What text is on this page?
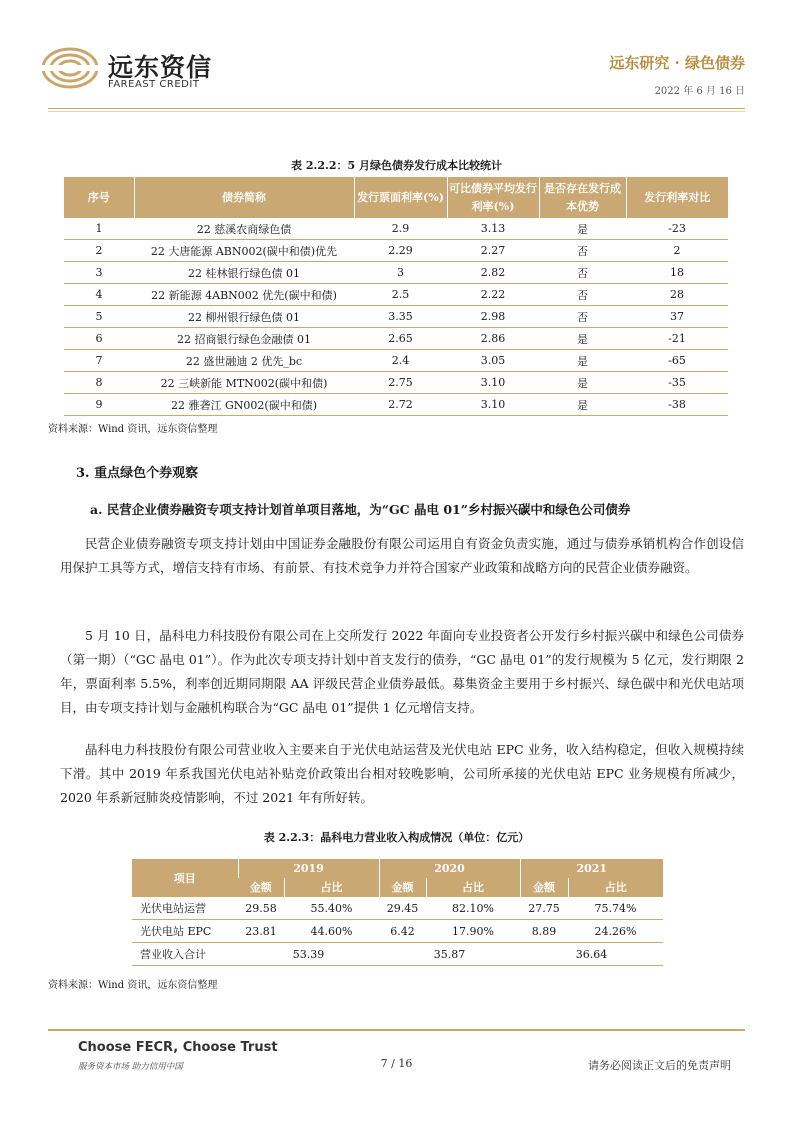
远东资信
FAREAST CREDIT
远东研究 · 绿色债券
2022 年 6 月 16 日
表 2.2.2：5 月绿色债券发行成本比较统计
序号	债券简称	发行票面利率(%)	可比债券平均发行利率(%)	是否存在发行成本优势	发行利率对比
1	22 慈溪农商绿色债	2.9	3.13	是	-23
2	22 大唐能源 ABN002(碳中和债)优先	2.29	2.27	否	2
3	22 桂林银行绿色债 01	3	2.82	否	18
4	22 新能源 4ABN002 优先(碳中和债)	2.5	2.22	否	28
5	22 柳州银行绿色债 01	3.35	2.98	否	37
6	22 招商银行绿色金融债 01	2.65	2.86	是	-21
7	22 盛世融迪 2 优先_bc	2.4	3.05	是	-65
8	22 三峡新能 MTN002(碳中和债)	2.75	3.10	是	-35
9	22 雅砻江 GN002(碳中和债)	2.72	3.10	是	-38
资料来源：Wind 资讯，远东资信整理
3. 重点绿色个券观察
a. 民营企业债券融资专项支持计划首单项目落地，为“GC 晶电 01”乡村振兴碳中和绿色公司债券
民营企业债券融资专项支持计划由中国证券金融股份有限公司运用自有资金负责实施，通过与债券承销机构合作创设信用保护工具等方式，增信支持有市场、有前景、有技术竞争力并符合国家产业政策和战略方向的民营企业债券融资。
5 月 10 日，晶科电力科技股份有限公司在上交所发行 2022 年面向专业投资者公开发行乡村振兴碳中和绿色公司债券（第一期）（“GC 晶电 01”）。作为此次专项支持计划中首支发行的债券，“GC 晶电 01”的发行规模为 5 亿元，发行期限 2 年，票面利率 5.5%，利率创近期同期限 AA 评级民营企业债券最低。募集资金主要用于乡村振兴、绿色碳中和光伏电站项目，由专项支持计划与金融机构联合为“GC 晶电 01”提供 1 亿元增信支持。
晶科电力科技股份有限公司营业收入主要来自于光伏电站运营及光伏电站 EPC 业务，收入结构稳定，但收入规模持续下滑。其中 2019 年系我国光伏电站补贴竞价政策出台相对较晚影响，公司所承接的光伏电站 EPC 业务规模有所减少，2020 年系新冠肺炎疫情影响，不过 2021 年有所好转。
表 2.2.3：晶科电力营业收入构成情况（单位：亿元）
项目	2019		2020		2021	
	金额	占比	金额	占比	金额	占比
光伏电站运营	29.58	55.40%	29.45	82.10%	27.75	75.74%
光伏电站 EPC	23.81	44.60%	6.42	17.90%	8.89	24.26%
营业收入合计	53.39		35.87		36.64	
资料来源：Wind 资讯，远东资信整理
Choose FECR, Choose Trust
服务资本市场 助力信用中国	7 / 16	请务必阅读正文后的免责声明
